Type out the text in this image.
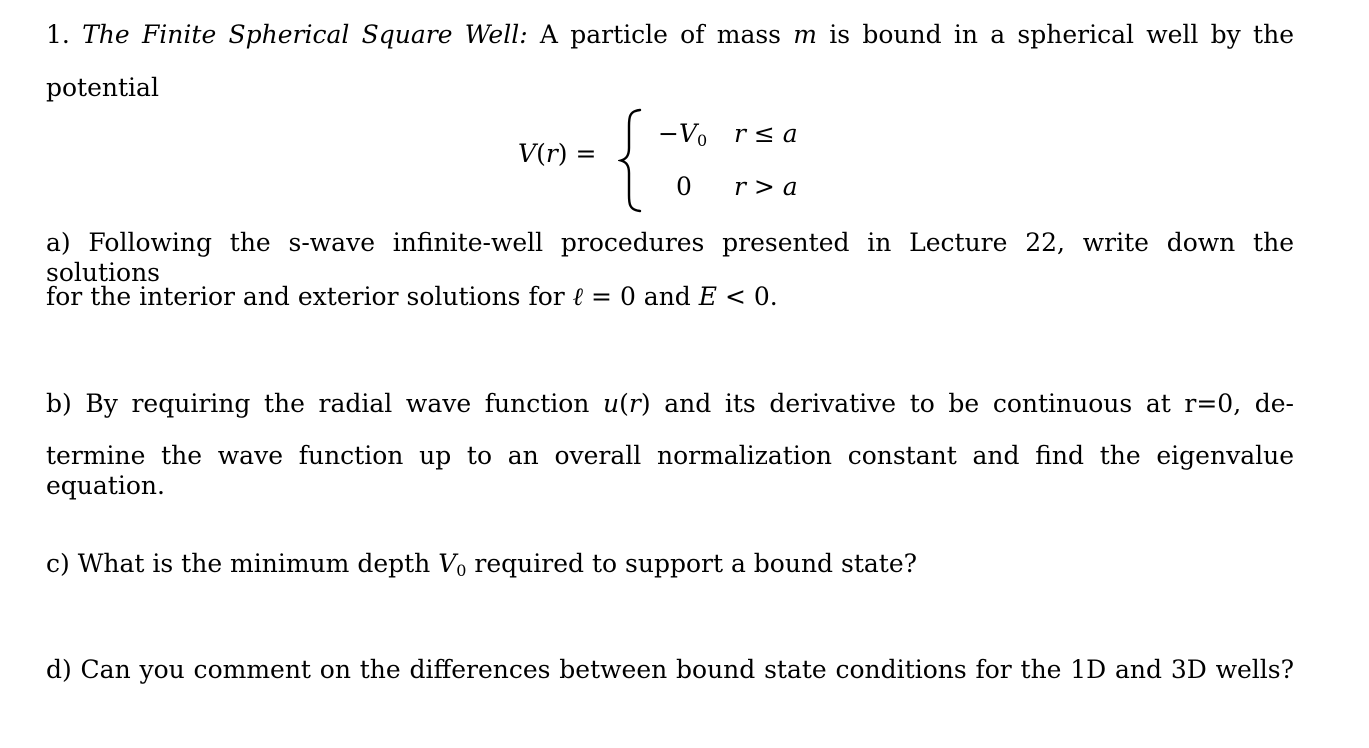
1. The Finite Spherical Square Well: A particle of mass m is bound in a spherical well by the
potential
V(r) =
$-V_0$ r ≤ a
0 r > a
a) Following the s-wave infinite-well procedures presented in Lecture 22, write down the solutions
for the interior and exterior solutions for ℓ = 0 and E < 0.
b) By requiring the radial wave function u(r) and its derivative to be continuous at r=0, de-
termine the wave function up to an overall normalization constant and find the eigenvalue equation.
c) What is the minimum depth $V_0$ required to support a bound state?
d) Can you comment on the differences between bound state conditions for the 1D and 3D wells?
